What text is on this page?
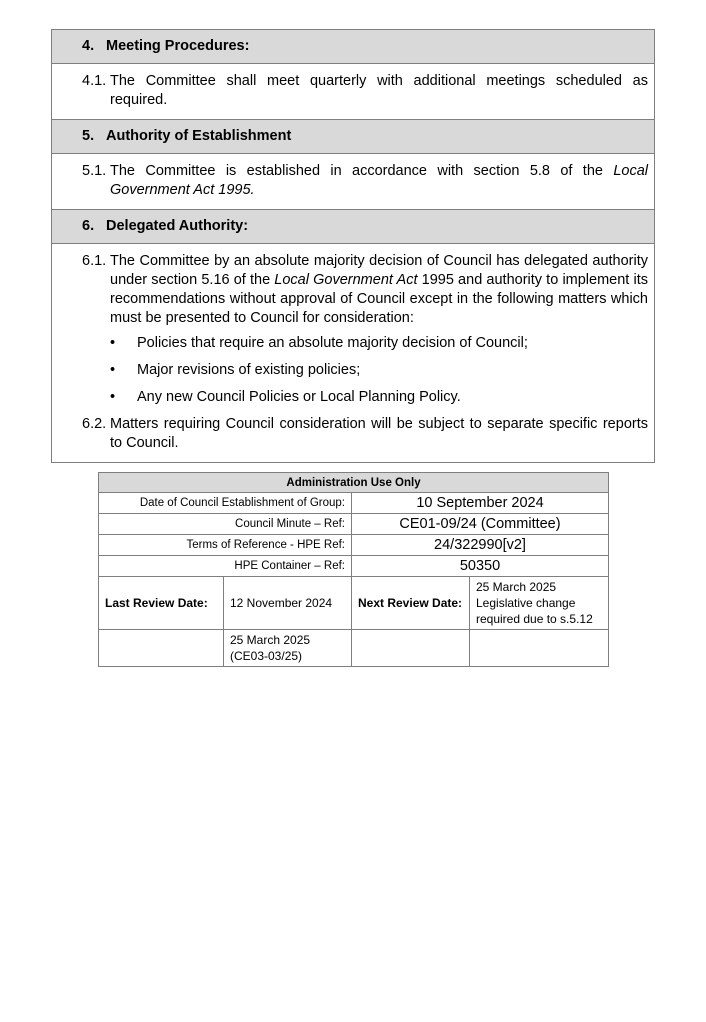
4. Meeting Procedures:
4.1. The Committee shall meet quarterly with additional meetings scheduled as required.
5. Authority of Establishment
5.1. The Committee is established in accordance with section 5.8 of the Local Government Act 1995.
6. Delegated Authority:
6.1. The Committee by an absolute majority decision of Council has delegated authority under section 5.16 of the Local Government Act 1995 and authority to implement its recommendations without approval of Council except in the following matters which must be presented to Council for consideration:
• Policies that require an absolute majority decision of Council;
• Major revisions of existing policies;
• Any new Council Policies or Local Planning Policy.
6.2. Matters requiring Council consideration will be subject to separate specific reports to Council.
Administration Use Only			
Date of Council Establishment of Group:		10 September 2024	
Council Minute – Ref:		CE01-09/24 (Committee)	
Terms of Reference - HPE Ref:		24/322990[v2]	
HPE Container – Ref:		50350	
Last Review Date:	12 November 2024	Next Review Date:	25 March 2025 Legislative change required due to s.5.12
	25 March 2025 (CE03-03/25)		
